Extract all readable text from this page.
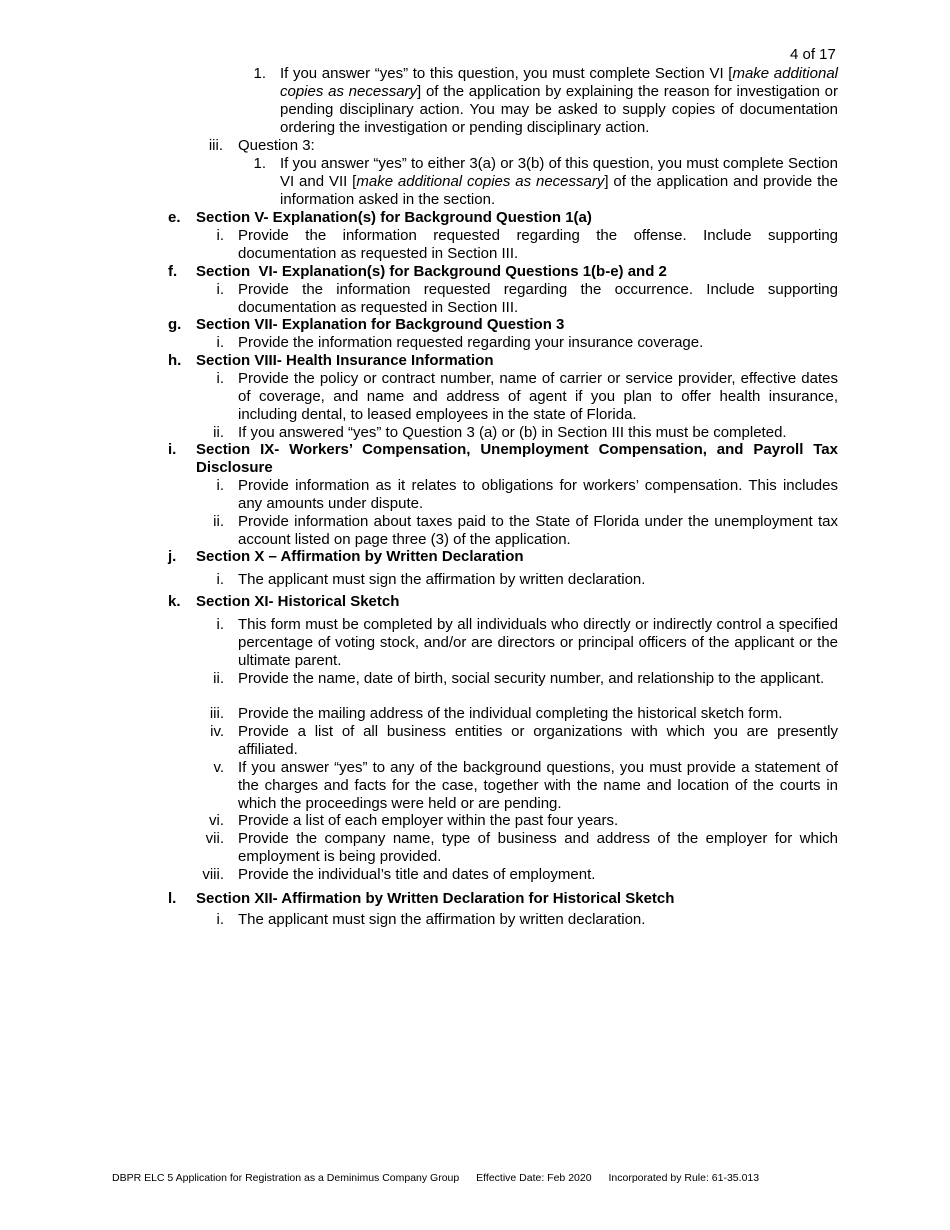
4 of 17
1. If you answer “yes” to this question, you must complete Section VI [make additional copies as necessary] of the application by explaining the reason for investigation or pending disciplinary action. You may be asked to supply copies of documentation ordering the investigation or pending disciplinary action.
iii. Question 3:
1. If you answer “yes” to either 3(a) or 3(b) of this question, you must complete Section VI and VII [make additional copies as necessary] of the application and provide the information asked in the section.
e. Section V- Explanation(s) for Background Question 1(a)
i. Provide the information requested regarding the offense. Include supporting documentation as requested in Section III.
f. Section  VI- Explanation(s) for Background Questions 1(b-e) and 2
i. Provide the information requested regarding the occurrence. Include supporting documentation as requested in Section III.
g. Section VII- Explanation for Background Question 3
i. Provide the information requested regarding your insurance coverage.
h. Section VIII- Health Insurance Information
i. Provide the policy or contract number, name of carrier or service provider, effective dates of coverage, and name and address of agent if you plan to offer health insurance, including dental, to leased employees in the state of Florida.
ii. If you answered “yes” to Question 3 (a) or (b) in Section III this must be completed.
i. Section IX- Workers’ Compensation, Unemployment Compensation, and Payroll Tax Disclosure
i. Provide information as it relates to obligations for workers’ compensation. This includes any amounts under dispute.
ii. Provide information about taxes paid to the State of Florida under the unemployment tax account listed on page three (3) of the application.
j. Section X – Affirmation by Written Declaration
i. The applicant must sign the affirmation by written declaration.
k. Section XI- Historical Sketch
i. This form must be completed by all individuals who directly or indirectly control a specified percentage of voting stock, and/or are directors or principal officers of the applicant or the ultimate parent.
ii. Provide the name, date of birth, social security number, and relationship to the applicant.
iii. Provide the mailing address of the individual completing the historical sketch form.
iv. Provide a list of all business entities or organizations with which you are presently affiliated.
v. If you answer “yes” to any of the background questions, you must provide a statement of the charges and facts for the case, together with the name and location of the courts in which the proceedings were held or are pending.
vi. Provide a list of each employer within the past four years.
vii. Provide the company name, type of business and address of the employer for which employment is being provided.
viii. Provide the individual’s title and dates of employment.
l. Section XII- Affirmation by Written Declaration for Historical Sketch
i. The applicant must sign the affirmation by written declaration.
DBPR ELC 5 Application for Registration as a Deminimus Company Group Effective Date: Feb 2020 Incorporated by Rule: 61-35.013
